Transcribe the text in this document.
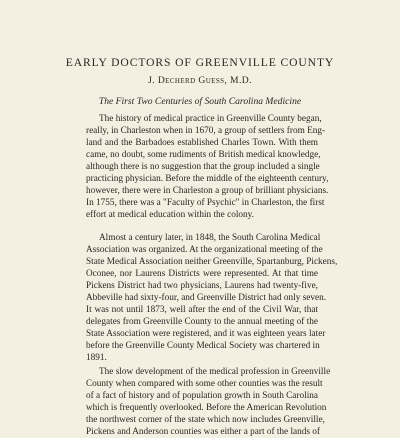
EARLY DOCTORS OF GREENVILLE COUNTY
J. Decherd Guess, M.D.
The First Two Centuries of South Carolina Medicine
The history of medical practice in Greenville County began,
really, in Charleston when in 1670, a group of settlers from Eng-
land and the Barbadoes established Charles Town. With them
came, no doubt, some rudiments of British medical knowledge,
although there is no suggestion that the group included a single
practicing physician. Before the middle of the eighteenth century,
however, there were in Charleston a group of brilliant physicians.
In 1755, there was a "Faculty of Psychic" in Charleston, the first
effort at medical education within the colony.
Almost a century later, in 1848, the South Carolina Medical
Association was organized. At the organizational meeting of the
State Medical Association neither Greenville, Spartanburg, Pickens,
Oconee, nor Laurens Districts were represented. At that time
Pickens District had two physicians, Laurens had twenty-five,
Abbeville had sixty-four, and Greenville District had only seven.
It was not until 1873, well after the end of the Civil War, that
delegates from Greenville County to the annual meeting of the
State Association were registered, and it was eighteen years later
before the Greenville County Medical Society was chartered in
1891.
The slow development of the medical profession in Greenville
County when compared with some other counties was the result
of a fact of history and of population growth in South Carolina
which is frequently overlooked. Before the American Revolution
the northwest corner of the state which now includes Greenville,
Pickens and Anderson counties was either a part of the lands of
